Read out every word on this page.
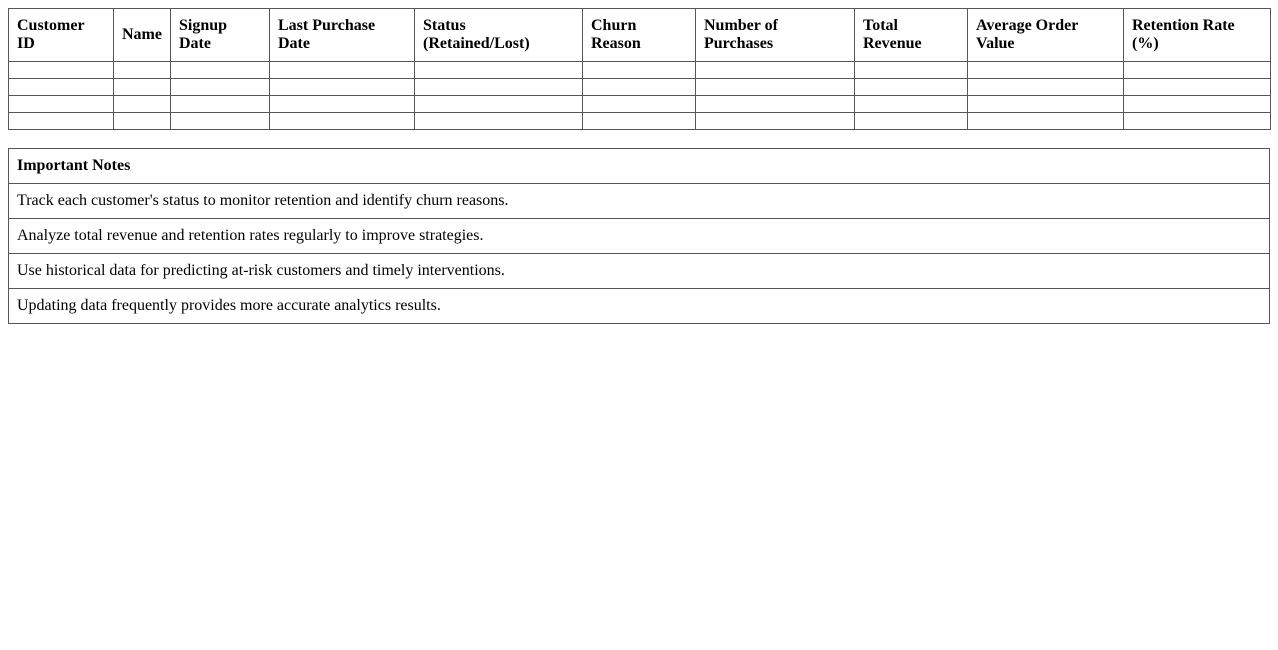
Customer ID	Name	Signup Date	Last Purchase Date	Status (Retained/Lost)	Churn Reason	Number of Purchases	Total Revenue	Average Order Value	Retention Rate (%)

Important Notes
Track each customer's status to monitor retention and identify churn reasons.
Analyze total revenue and retention rates regularly to improve strategies.
Use historical data for predicting at-risk customers and timely interventions.
Updating data frequently provides more accurate analytics results.
